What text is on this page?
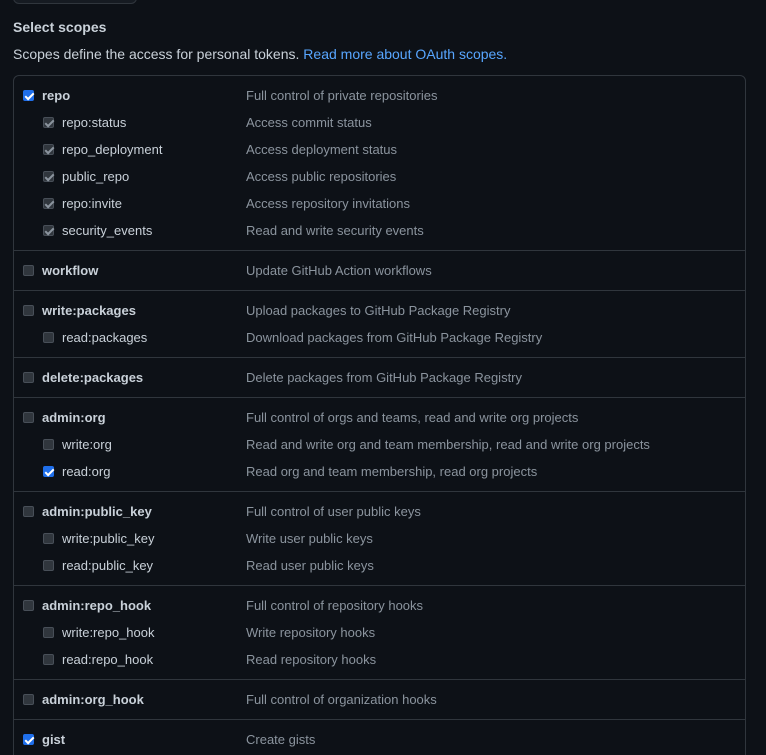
Select scopes

Scopes define the access for personal tokens. Read more about OAuth scopes.

repo	Full control of private repositories
repo:status	Access commit status
repo_deployment	Access deployment status
public_repo	Access public repositories
repo:invite	Access repository invitations
security_events	Read and write security events
workflow	Update GitHub Action workflows
write:packages	Upload packages to GitHub Package Registry
read:packages	Download packages from GitHub Package Registry
delete:packages	Delete packages from GitHub Package Registry
admin:org	Full control of orgs and teams, read and write org projects
write:org	Read and write org and team membership, read and write org projects
read:org	Read org and team membership, read org projects
admin:public_key	Full control of user public keys
write:public_key	Write user public keys
read:public_key	Read user public keys
admin:repo_hook	Full control of repository hooks
write:repo_hook	Write repository hooks
read:repo_hook	Read repository hooks
admin:org_hook	Full control of organization hooks
gist	Create gists
